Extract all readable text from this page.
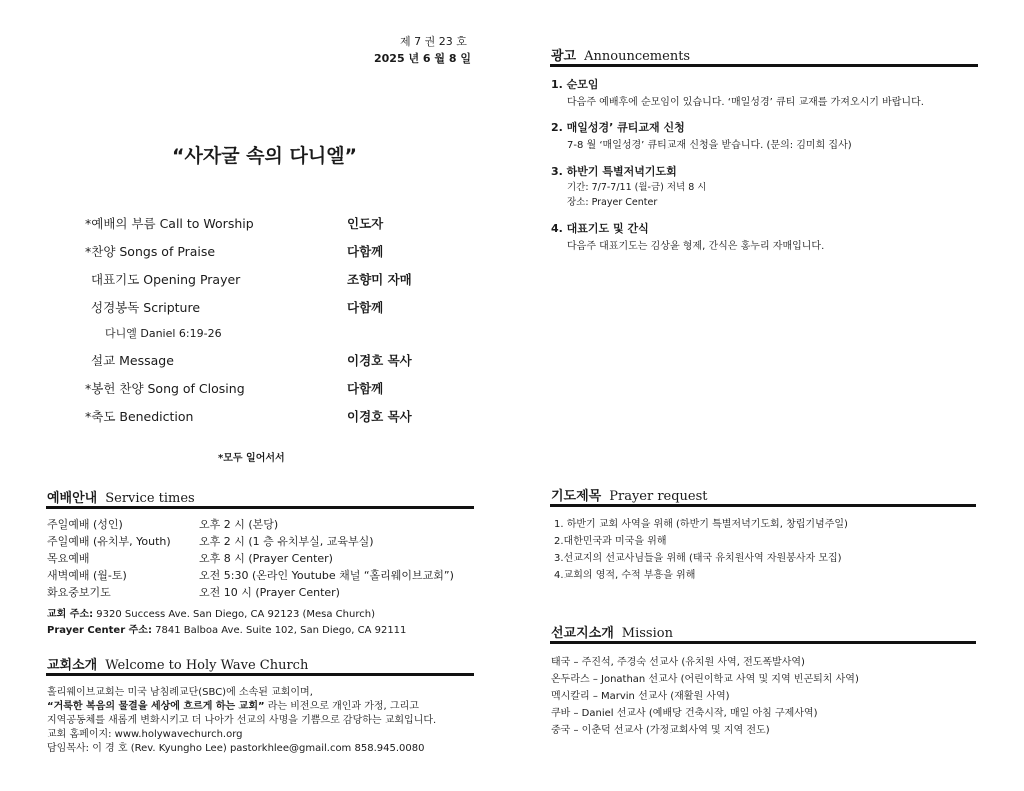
제 7 권 23 호
2025 년 6 월 8 일
“사자굴 속의 다니엘”
*예배의 부름 Call to Worship	인도자
*찬양 Songs of Praise	다함께
대표기도 Opening Prayer	조향미 자매
성경봉독 Scripture	다함께
다니엘 Daniel 6:19-26
설교 Message	이경호 목사
*봉헌 찬양 Song of Closing	다함께
*축도 Benediction	이경호 목사
*모두 일어서서
예배안내 Service times
주일예배 (성인)	오후 2 시 (본당)
주일예배 (유치부, Youth)	오후 2 시 (1 층 유치부실, 교육부실)
목요예배	오후 8 시 (Prayer Center)
새벽예배 (월-토)	오전 5:30 (온라인 Youtube 채널 “홀리웨이브교회”)
화요중보기도	오전 10 시 (Prayer Center)
교회 주소: 9320 Success Ave. San Diego, CA 92123 (Mesa Church)
Prayer Center 주소: 7841 Balboa Ave. Suite 102, San Diego, CA 92111
교회소개 Welcome to Holy Wave Church
홀리웨이브교회는 미국 남침례교단(SBC)에 소속된 교회이며,
“거룩한 복음의 물결을 세상에 흐르게 하는 교회” 라는 비전으로 개인과 가정, 그리고
지역공동체를 새롭게 변화시키고 더 나아가 선교의 사명을 기쁨으로 감당하는 교회입니다.
교회 홈페이지: www.holywavechurch.org
담임목사: 이 경 호 (Rev. Kyungho Lee) pastorkhlee@gmail.com 858.945.0080
광고 Announcements
1. 순모임
다음주 예배후에 순모임이 있습니다. ‘매일성경’ 큐티 교재를 가져오시기 바랍니다.
2. 매일성경’ 큐티교재 신청
7-8 월 ‘매일성경’ 큐티교재 신청을 받습니다. (문의: 김미희 집사)
3. 하반기 특별저녁기도회
기간: 7/7-7/11 (월-금) 저녁 8 시
장소: Prayer Center
4. 대표기도 및 간식
다음주 대표기도는 김상윤 형제, 간식은 홍누리 자매입니다.
기도제목 Prayer request
1. 하반기 교회 사역을 위해 (하반기 특별저녁기도회, 창립기념주일)
2.대한민국과 미국을 위해
3.선교지의 선교사님들을 위해 (태국 유치원사역 자원봉사자 모집)
4.교회의 영적, 수적 부흥을 위해
선교지소개 Mission
태국 – 주진석, 주경숙 선교사 (유치원 사역, 전도폭발사역)
온두라스 – Jonathan 선교사 (어린이학교 사역 및 지역 빈곤퇴치 사역)
멕시칼리 – Marvin 선교사 (재활원 사역)
쿠바 – Daniel 선교사 (예배당 건축시작, 매일 아침 구제사역)
중국 – 이춘덕 선교사 (가정교회사역 및 지역 전도)
